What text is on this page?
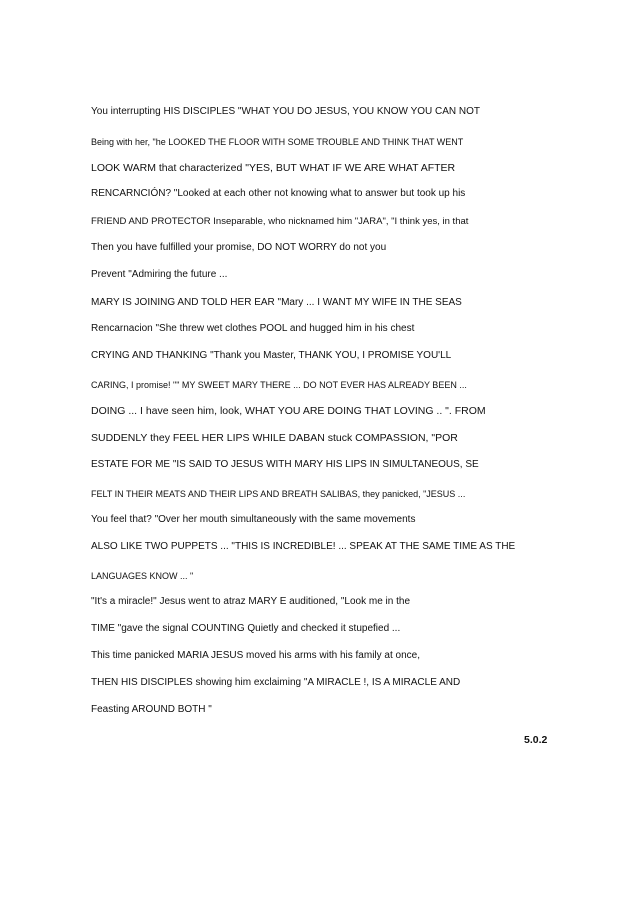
You interrupting HIS DISCIPLES "WHAT YOU DO JESUS, YOU KNOW YOU CAN NOT
Being with her, "he LOOKED THE FLOOR WITH SOME TROUBLE AND THINK THAT WENT
LOOK WARM that characterized "YES, BUT WHAT IF WE ARE WHAT AFTER
RENCARNCIÓN? "Looked at each other not knowing what to answer but took up his
FRIEND AND PROTECTOR Inseparable, who nicknamed him "JARA", "I think yes, in that
Then you have fulfilled your promise, DO NOT WORRY do not you
Prevent "Admiring the future ...
MARY IS JOINING AND TOLD HER EAR "Mary ... I WANT MY WIFE IN THE SEAS
Rencarnacion "She threw wet clothes POOL and hugged him in his chest
CRYING AND THANKING "Thank you Master, THANK YOU, I PROMISE YOU'LL
CARING, I promise! "" MY SWEET MARY THERE ... DO NOT EVER HAS ALREADY BEEN ...
DOING ... I have seen him, look, WHAT YOU ARE DOING THAT LOVING .. ". FROM
SUDDENLY they FEEL HER LIPS WHILE DABAN stuck COMPASSION, "POR
ESTATE FOR ME "IS SAID TO JESUS WITH MARY HIS LIPS IN SIMULTANEOUS, SE
FELT IN THEIR MEATS AND THEIR LIPS AND BREATH SALIBAS, they panicked, "JESUS ...
You feel that? "Over her mouth simultaneously with the same movements
ALSO LIKE TWO PUPPETS ... "THIS IS INCREDIBLE! ... SPEAK AT THE SAME TIME AS THE
LANGUAGES KNOW ... "
"It's a miracle!" Jesus went to atraz MARY E auditioned, "Look me in the
TIME "gave the signal COUNTING Quietly and checked it stupefied ...
This time panicked MARIA JESUS moved his arms with his family at once,
THEN HIS DISCIPLES showing him exclaiming "A MIRACLE !, IS A MIRACLE AND
Feasting AROUND BOTH "
5.0.2
